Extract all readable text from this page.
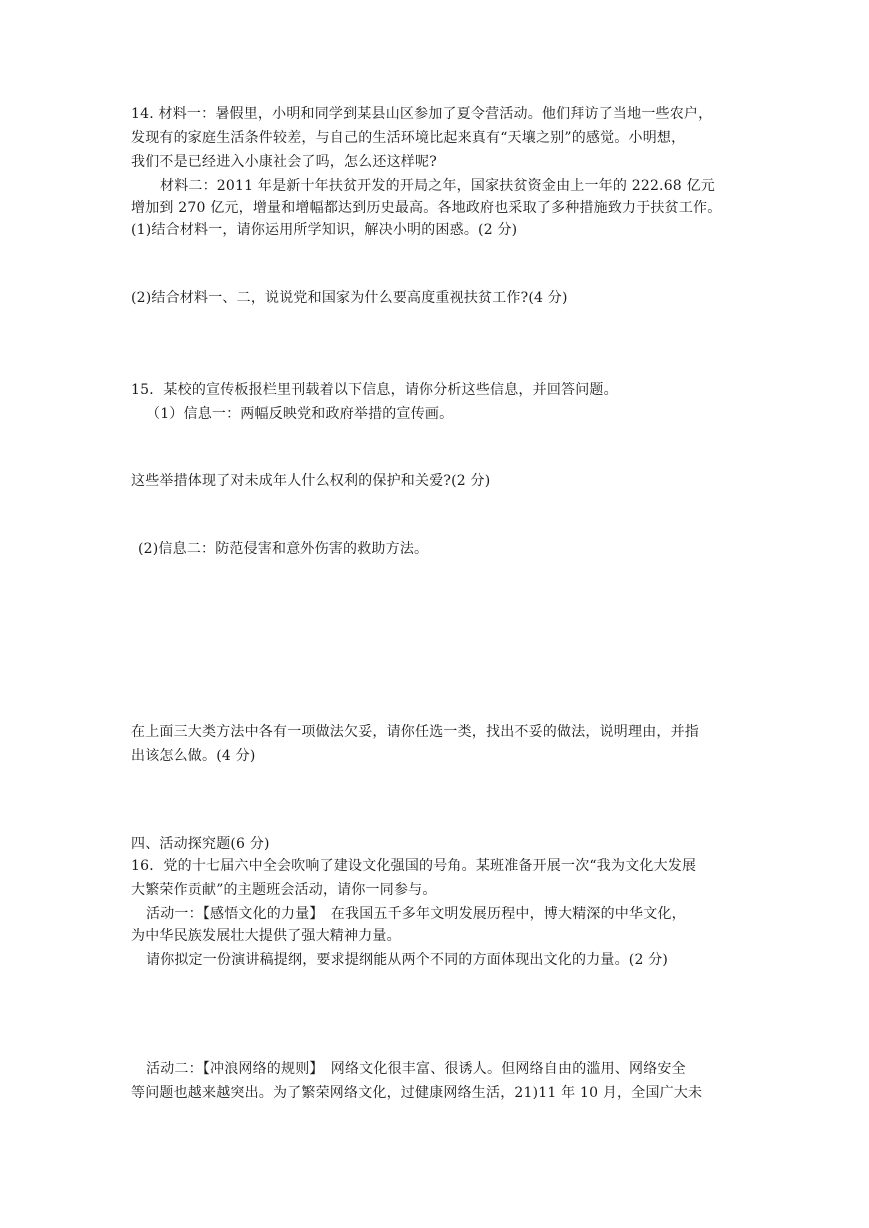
14. 材料一：暑假里，小明和同学到某县山区参加了夏令营活动。他们拜访了当地一些农户，
发现有的家庭生活条件较差，与自己的生活环境比起来真有“天壤之别”的感觉。小明想，
我们不是已经进入小康社会了吗，怎么还这样呢?
材料二：2011 年是新十年扶贫开发的开局之年，国家扶贫资金由上一年的 222.68 亿元
增加到 270 亿元，增量和增幅都达到历史最高。各地政府也采取了多种措施致力于扶贫工作。
(1)结合材料一，请你运用所学知识，解决小明的困惑。(2 分)
(2)结合材料一、二，说说党和国家为什么要高度重视扶贫工作?(4 分)
15．某校的宣传板报栏里刊载着以下信息，请你分析这些信息，并回答问题。
（1）信息一：两幅反映党和政府举措的宣传画。
这些举措体现了对未成年人什么权利的保护和关爱?(2 分)
(2)信息二：防范侵害和意外伤害的救助方法。
在上面三大类方法中各有一项做法欠妥，请你任选一类，找出不妥的做法，说明理由，并指
出该怎么做。(4 分)
四、活动探究题(6 分)
16．党的十七届六中全会吹响了建设文化强国的号角。某班准备开展一次“我为文化大发展
大繁荣作贡献”的主题班会活动，请你一同参与。
活动一：【感悟文化的力量】　在我国五千多年文明发展历程中，博大精深的中华文化，
为中华民族发展壮大提供了强大精神力量。
请你拟定一份演讲稿提纲，要求提纲能从两个不同的方面体现出文化的力量。(2 分)
活动二：【冲浪网络的规则】　网络文化很丰富、很诱人。但网络自由的滥用、网络安全
等问题也越来越突出。为了繁荣网络文化，过健康网络生活，21)11 年 10 月，全国广大未
